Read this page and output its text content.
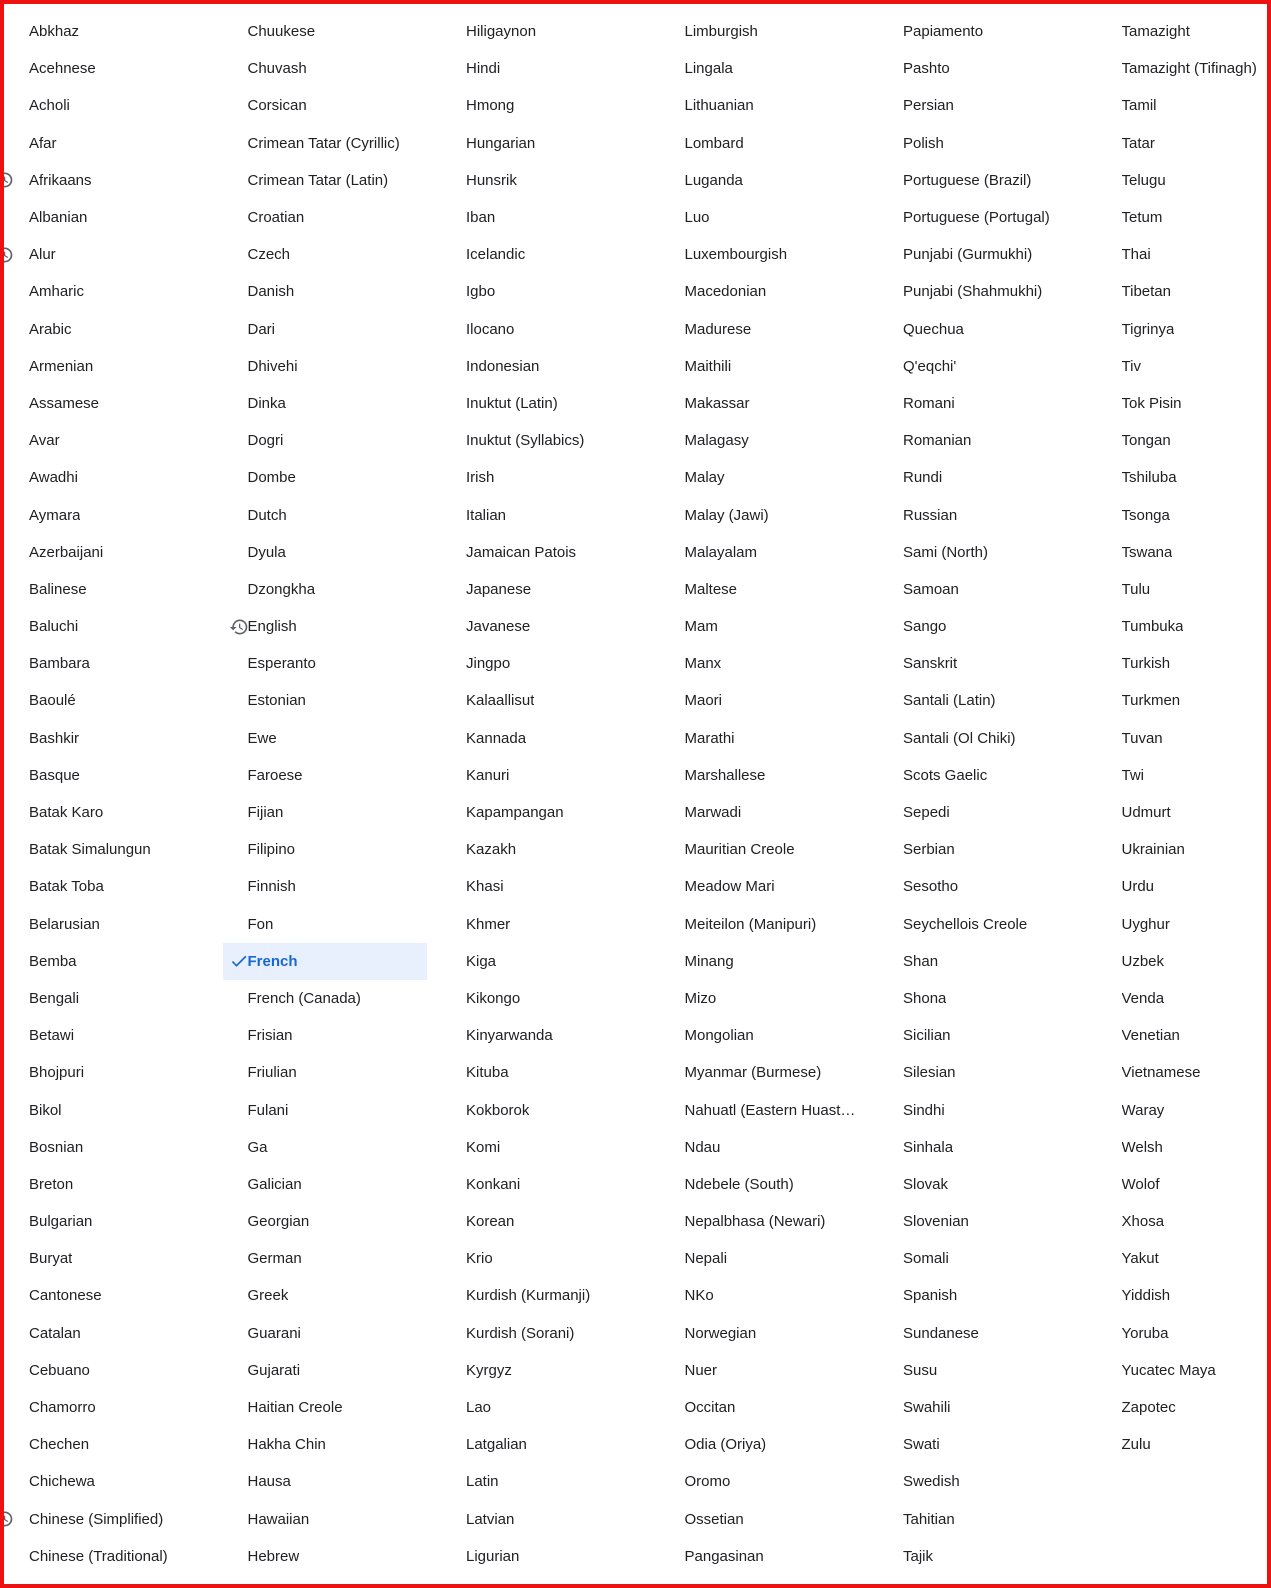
Abkhaz
Acehnese
Acholi
Afar
Afrikaans
Albanian
Alur
Amharic
Arabic
Armenian
Assamese
Avar
Awadhi
Aymara
Azerbaijani
Balinese
Baluchi
Bambara
Baoulé
Bashkir
Basque
Batak Karo
Batak Simalungun
Batak Toba
Belarusian
Bemba
Bengali
Betawi
Bhojpuri
Bikol
Bosnian
Breton
Bulgarian
Buryat
Cantonese
Catalan
Cebuano
Chamorro
Chechen
Chichewa
Chinese (Simplified)
Chinese (Traditional)
Chuukese
Chuvash
Corsican
Crimean Tatar (Cyrillic)
Crimean Tatar (Latin)
Croatian
Czech
Danish
Dari
Dhivehi
Dinka
Dogri
Dombe
Dutch
Dyula
Dzongkha
English
Esperanto
Estonian
Ewe
Faroese
Fijian
Filipino
Finnish
Fon
French
French (Canada)
Frisian
Friulian
Fulani
Ga
Galician
Georgian
German
Greek
Guarani
Gujarati
Haitian Creole
Hakha Chin
Hausa
Hawaiian
Hebrew
Hiligaynon
Hindi
Hmong
Hungarian
Hunsrik
Iban
Icelandic
Igbo
Ilocano
Indonesian
Inuktut (Latin)
Inuktut (Syllabics)
Irish
Italian
Jamaican Patois
Japanese
Javanese
Jingpo
Kalaallisut
Kannada
Kanuri
Kapampangan
Kazakh
Khasi
Khmer
Kiga
Kikongo
Kinyarwanda
Kituba
Kokborok
Komi
Konkani
Korean
Krio
Kurdish (Kurmanji)
Kurdish (Sorani)
Kyrgyz
Lao
Latgalian
Latin
Latvian
Ligurian
Limburgish
Lingala
Lithuanian
Lombard
Luganda
Luo
Luxembourgish
Macedonian
Madurese
Maithili
Makassar
Malagasy
Malay
Malay (Jawi)
Malayalam
Maltese
Mam
Manx
Maori
Marathi
Marshallese
Marwadi
Mauritian Creole
Meadow Mari
Meiteilon (Manipuri)
Minang
Mizo
Mongolian
Myanmar (Burmese)
Nahuatl (Eastern Huast…
Ndau
Ndebele (South)
Nepalbhasa (Newari)
Nepali
NKo
Norwegian
Nuer
Occitan
Odia (Oriya)
Oromo
Ossetian
Pangasinan
Papiamento
Pashto
Persian
Polish
Portuguese (Brazil)
Portuguese (Portugal)
Punjabi (Gurmukhi)
Punjabi (Shahmukhi)
Quechua
Q'eqchi'
Romani
Romanian
Rundi
Russian
Sami (North)
Samoan
Sango
Sanskrit
Santali (Latin)
Santali (Ol Chiki)
Scots Gaelic
Sepedi
Serbian
Sesotho
Seychellois Creole
Shan
Shona
Sicilian
Silesian
Sindhi
Sinhala
Slovak
Slovenian
Somali
Spanish
Sundanese
Susu
Swahili
Swati
Swedish
Tahitian
Tajik
Tamazight
Tamazight (Tifinagh)
Tamil
Tatar
Telugu
Tetum
Thai
Tibetan
Tigrinya
Tiv
Tok Pisin
Tongan
Tshiluba
Tsonga
Tswana
Tulu
Tumbuka
Turkish
Turkmen
Tuvan
Twi
Udmurt
Ukrainian
Urdu
Uyghur
Uzbek
Venda
Venetian
Vietnamese
Waray
Welsh
Wolof
Xhosa
Yakut
Yiddish
Yoruba
Yucatec Maya
Zapotec
Zulu
